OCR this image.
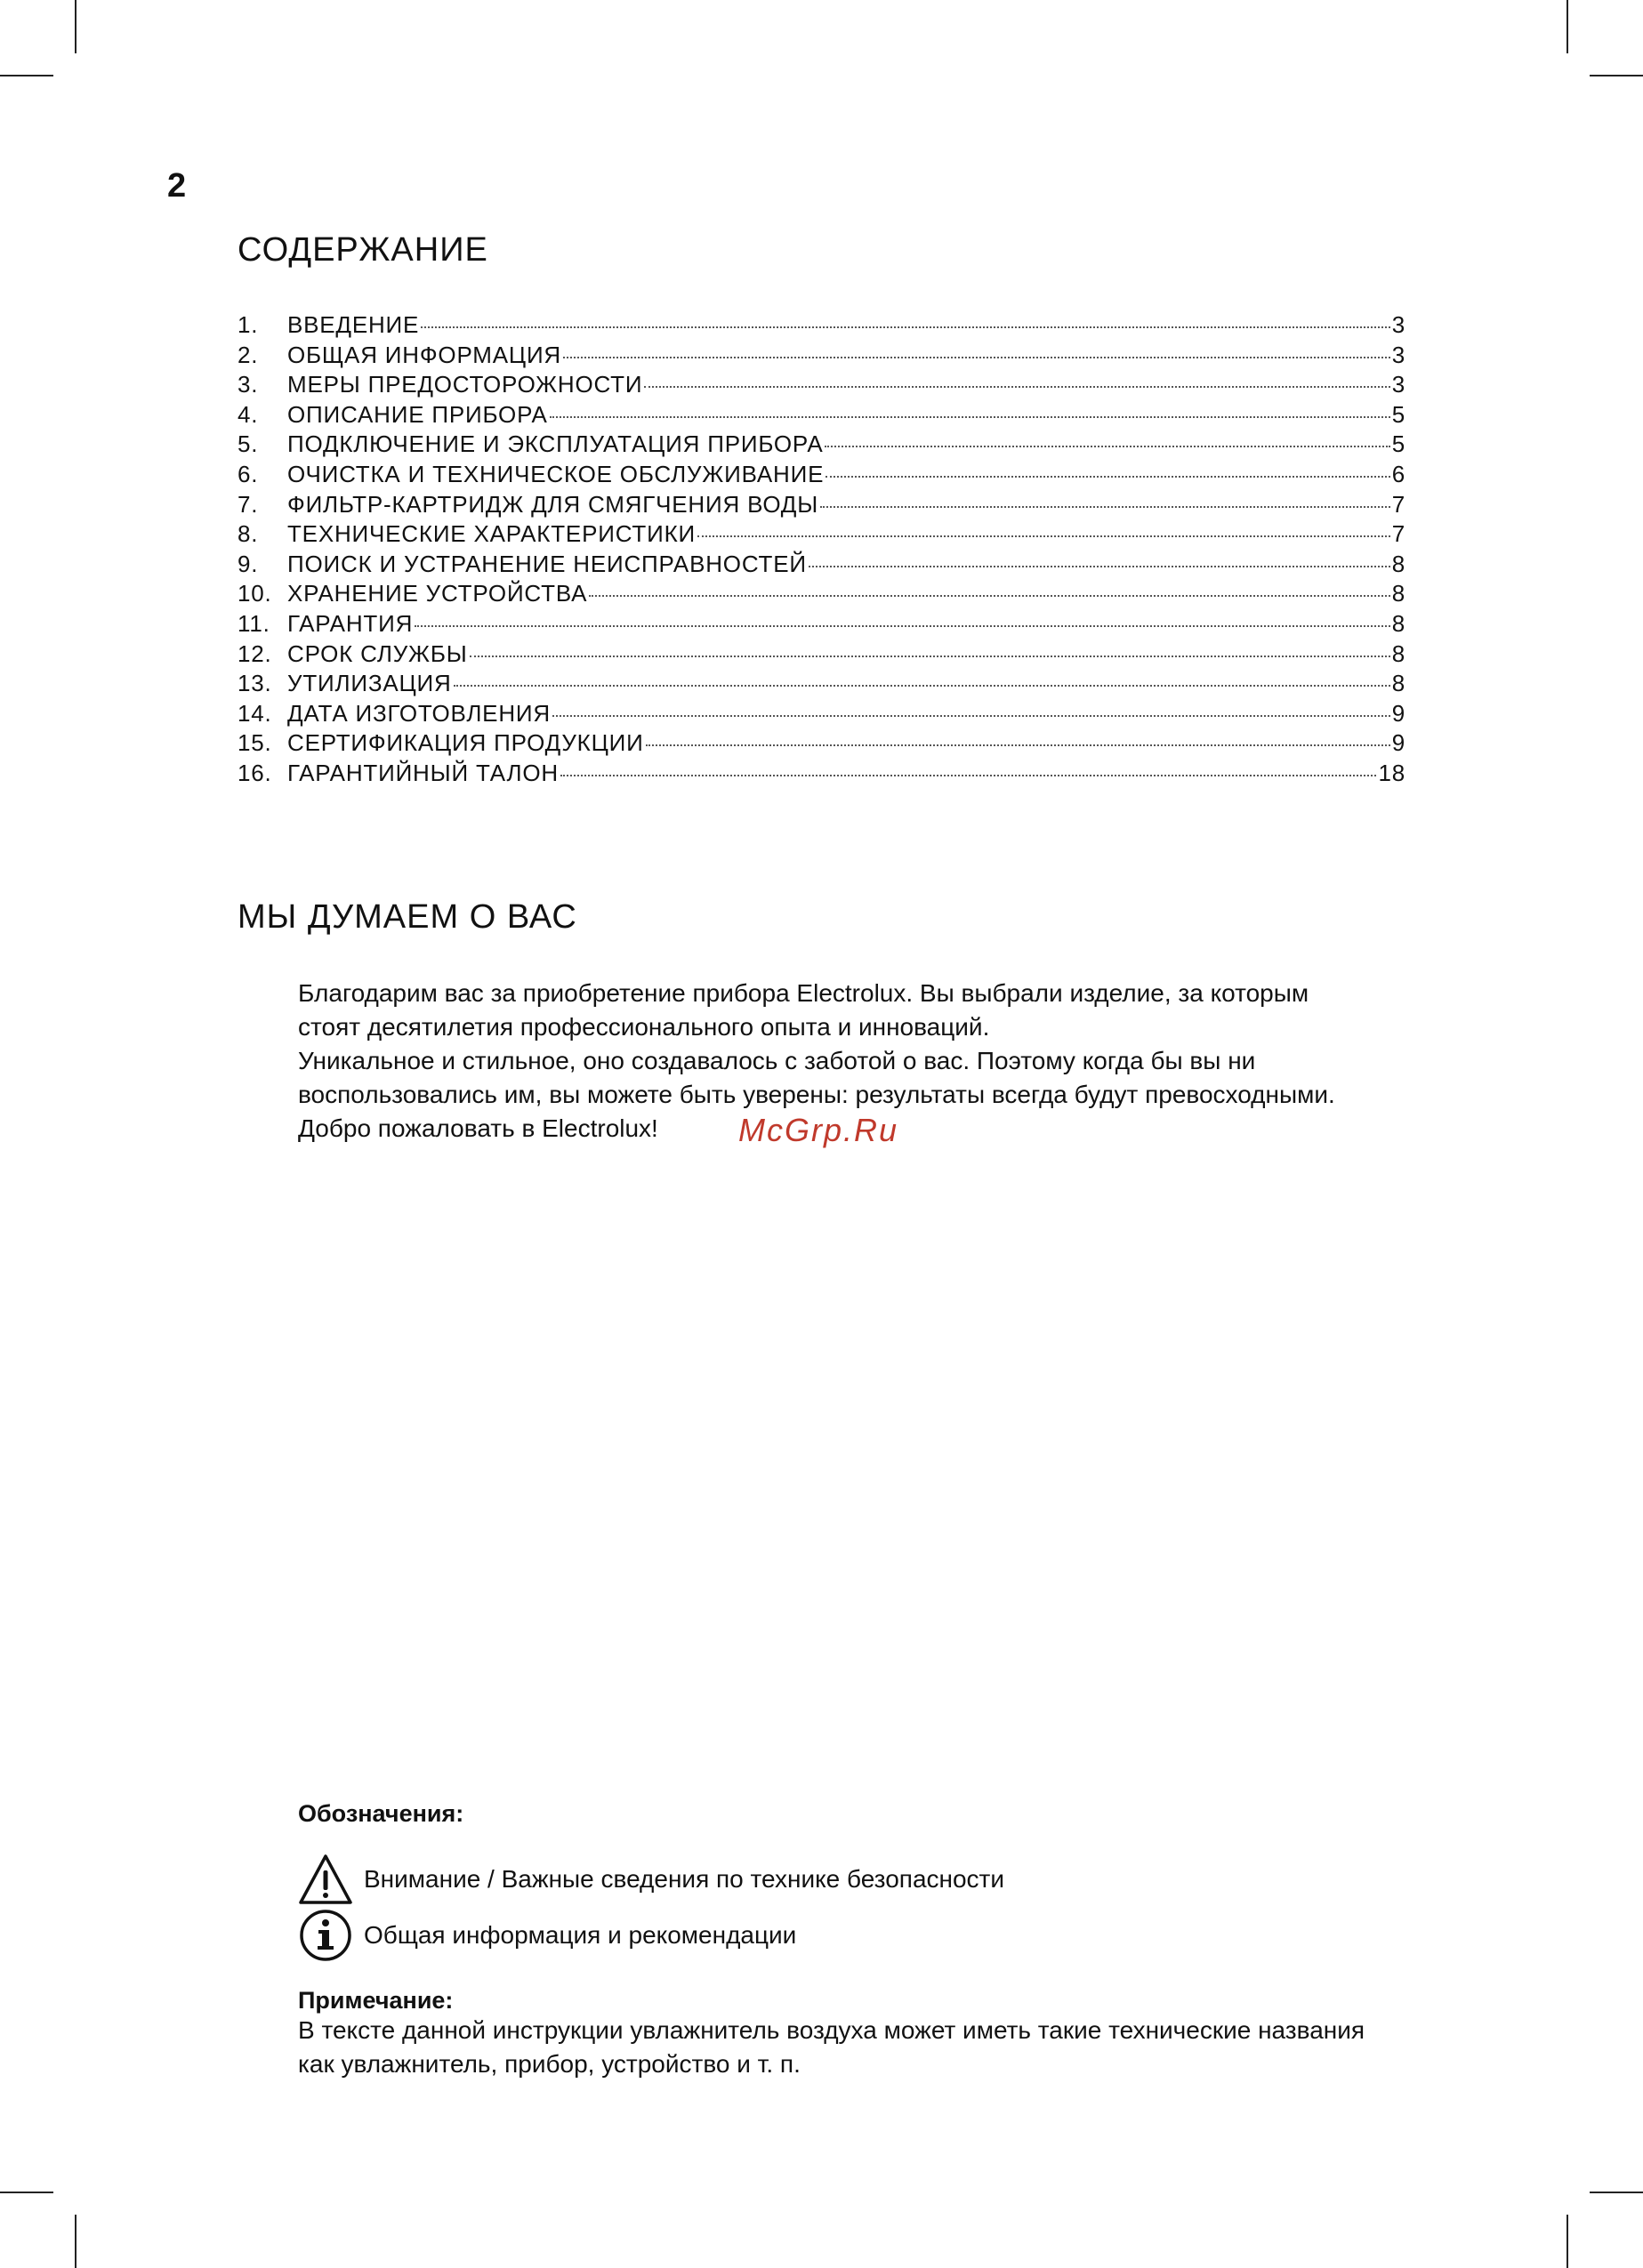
2
СОДЕРЖАНИЕ
1.	ВВЕДЕНИЕ	3
2.	ОБЩАЯ ИНФОРМАЦИЯ	3
3.	МЕРЫ ПРЕДОСТОРОЖНОСТИ	3
4.	ОПИСАНИЕ ПРИБОРА	5
5.	ПОДКЛЮЧЕНИЕ И ЭКСПЛУАТАЦИЯ ПРИБОРА	5
6.	ОЧИСТКА И ТЕХНИЧЕСКОЕ ОБСЛУЖИВАНИЕ	6
7.	ФИЛЬТР-КАРТРИДЖ ДЛЯ СМЯГЧЕНИЯ ВОДЫ	7
8.	ТЕХНИЧЕСКИЕ ХАРАКТЕРИСТИКИ	7
9.	ПОИСК И УСТРАНЕНИЕ НЕИСПРАВНОСТЕЙ	8
10. ХРАНЕНИЕ УСТРОЙСТВА	8
11. ГАРАНТИЯ	8
12. СРОК СЛУЖБЫ	8
13. УТИЛИЗАЦИЯ	8
14. ДАТА ИЗГОТОВЛЕНИЯ	9
15. СЕРТИФИКАЦИЯ ПРОДУКЦИИ	9
16. ГАРАНТИЙНЫЙ ТАЛОН	18
МЫ ДУМАЕМ О ВАС

Благодарим вас за приобретение прибора Electrolux. Вы выбрали изделие, за которым
стоят десятилетия профессионального опыта и инноваций.
Уникальное и стильное, оно создавалось с заботой о вас. Поэтому когда бы вы ни
воспользовались им, вы можете быть уверены: результаты всегда будут превосходными.
Добро пожаловать в Electrolux!	McGrp.Ru
Обозначения:
Внимание / Важные сведения по технике безопасности
Общая информация и рекомендации
Примечание:

В тексте данной инструкции увлажнитель воздуха может иметь такие технические названия
как увлажнитель, прибор, устройство и т. п.
